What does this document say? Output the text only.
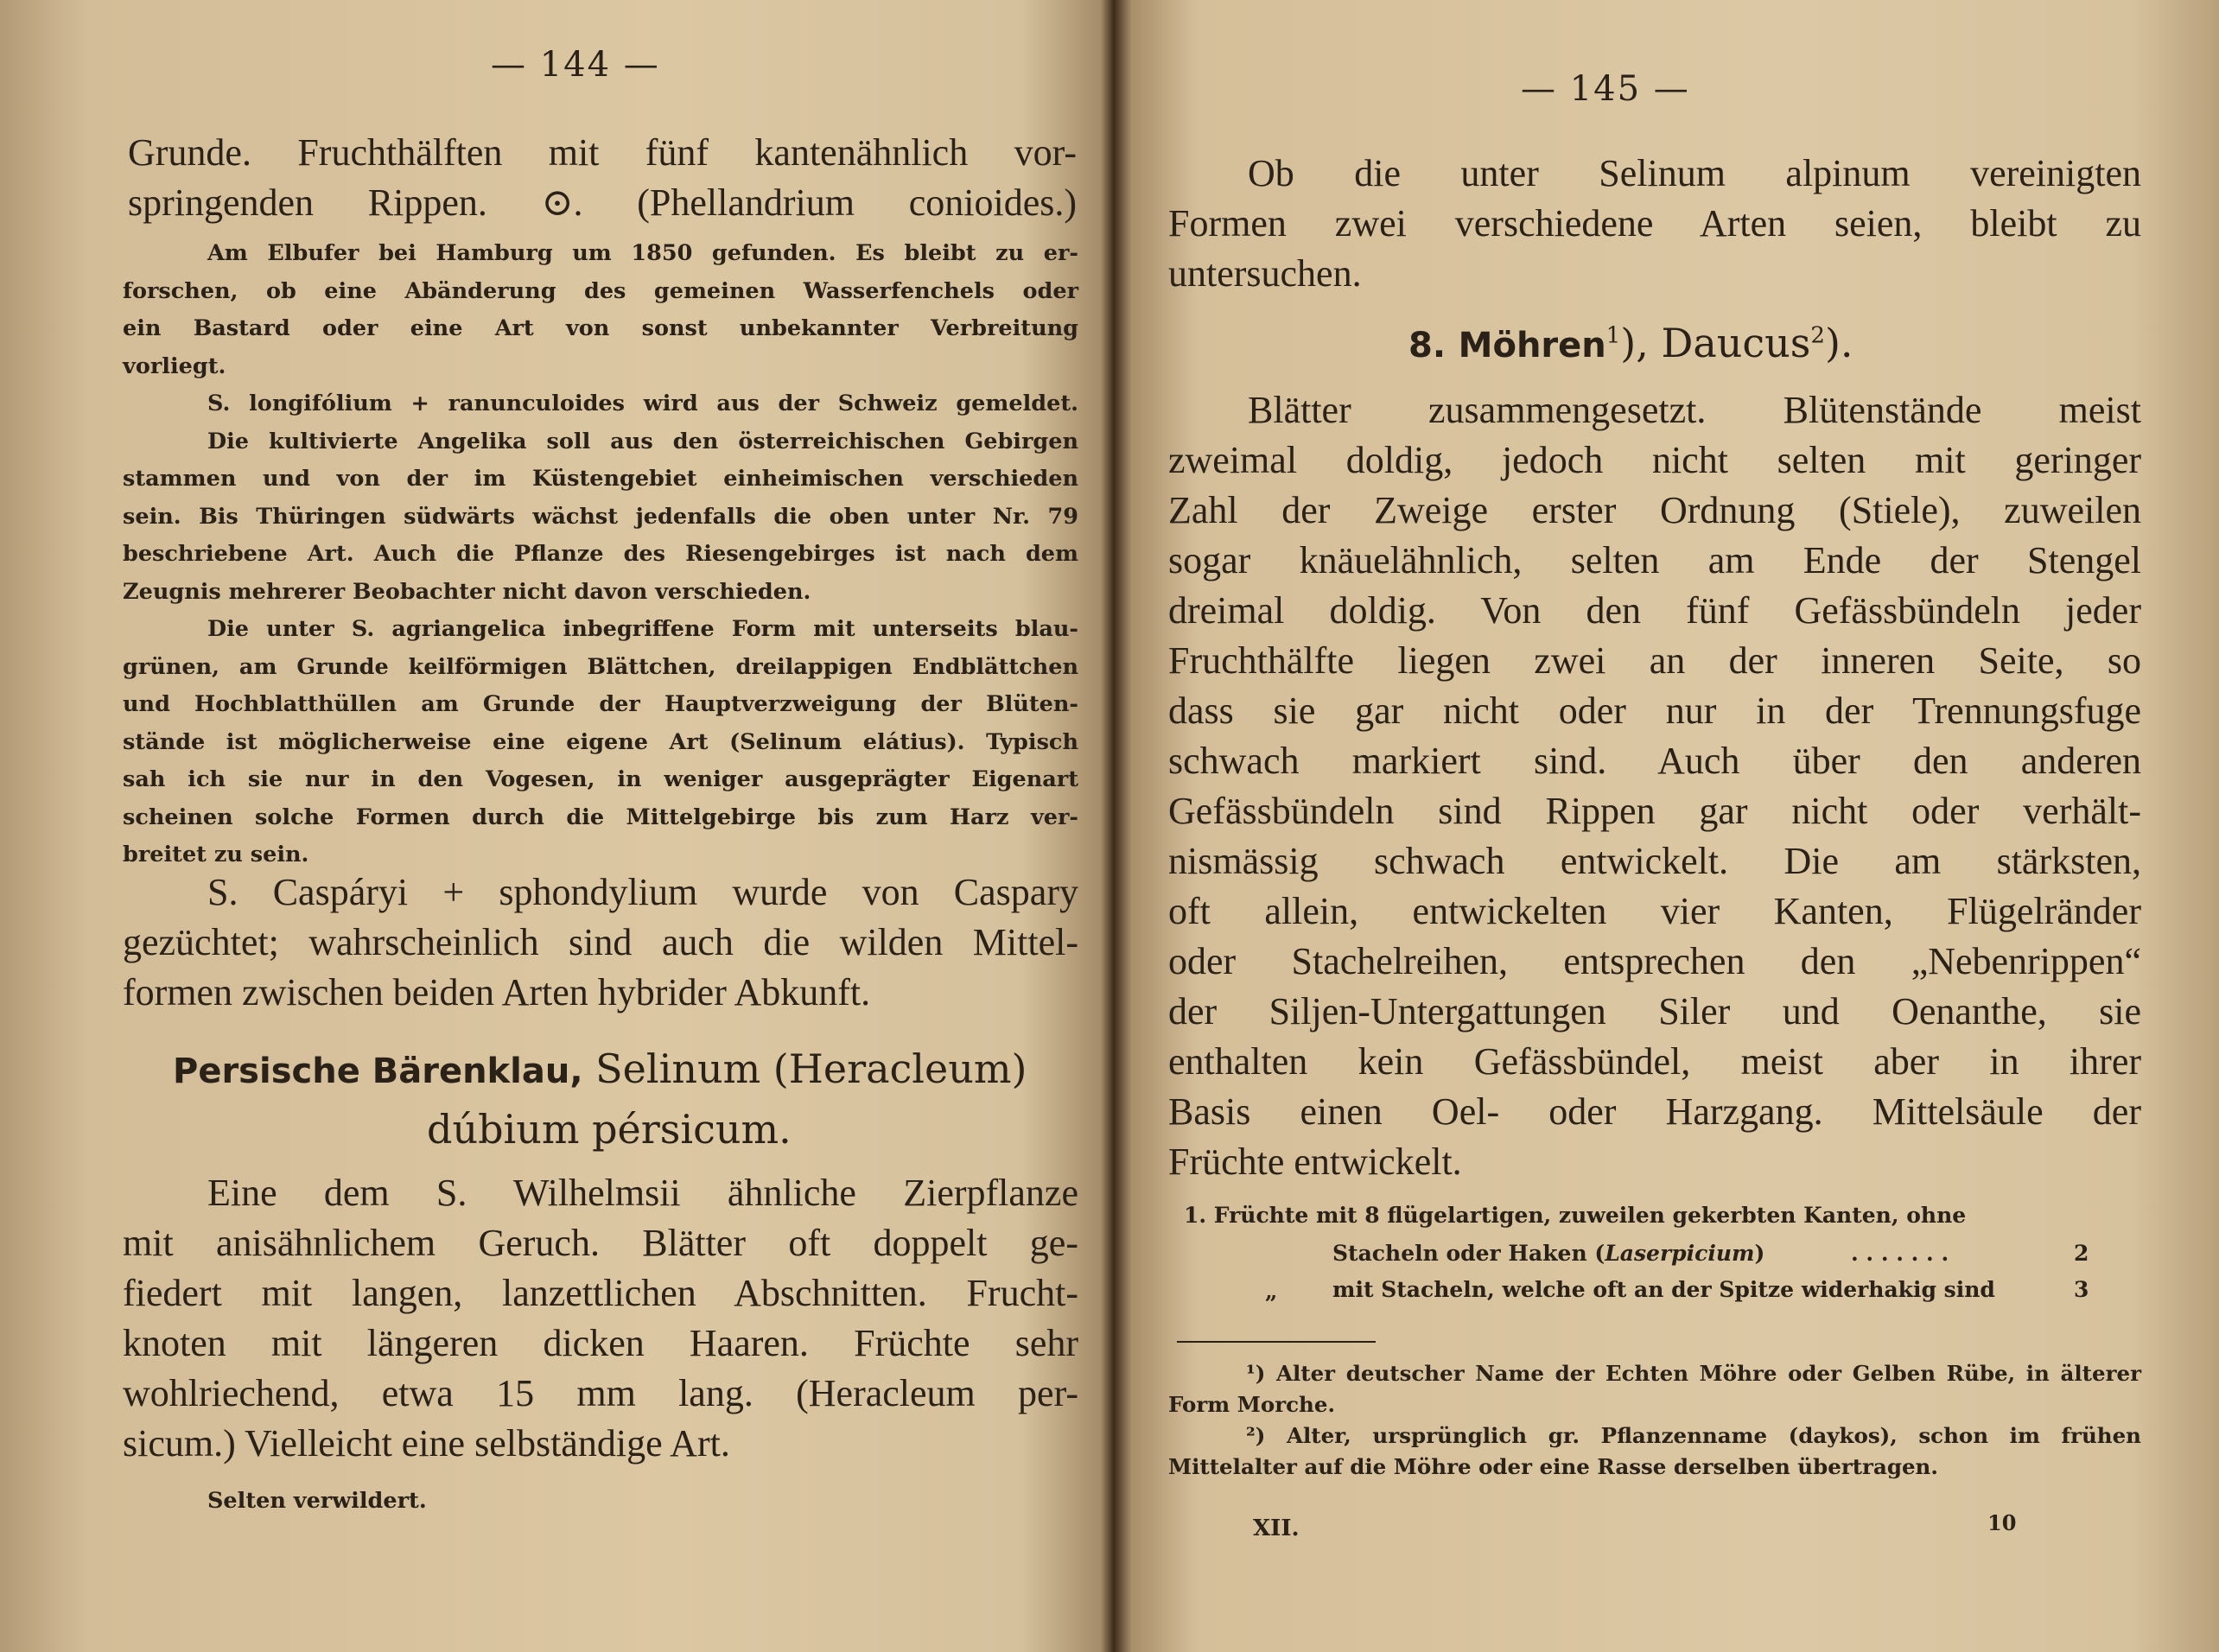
— 144 —
Grunde. Fruchthälften mit fünf kantenähnlich vor-
springenden Rippen. ⊙. (Phellandrium conioides.)
Am Elbufer bei Hamburg um 1850 gefunden. Es bleibt zu er-
forschen, ob eine Abänderung des gemeinen Wasserfenchels oder
ein Bastard oder eine Art von sonst unbekannter Verbreitung
vorliegt.
S. longifólium + ranunculoides wird aus der Schweiz gemeldet.
Die kultivierte Angelika soll aus den österreichischen Gebirgen
stammen und von der im Küstengebiet einheimischen verschieden
sein. Bis Thüringen südwärts wächst jedenfalls die oben unter Nr. 79
beschriebene Art. Auch die Pflanze des Riesengebirges ist nach dem
Zeugnis mehrerer Beobachter nicht davon verschieden.
Die unter S. agriangelica inbegriffene Form mit unterseits blau-
grünen, am Grunde keilförmigen Blättchen, dreilappigen Endblättchen
und Hochblatthüllen am Grunde der Hauptverzweigung der Blüten-
stände ist möglicherweise eine eigene Art (Selinum elátius). Typisch
sah ich sie nur in den Vogesen, in weniger ausgeprägter Eigenart
scheinen solche Formen durch die Mittelgebirge bis zum Harz ver-
breitet zu sein.
S. Caspáryi + sphondylium wurde von Caspary
gezüchtet; wahrscheinlich sind auch die wilden Mittel-
formen zwischen beiden Arten hybrider Abkunft.
Persische Bärenklau, Selinum (Heracleum)
dúbium pérsicum.
Eine dem S. Wilhelmsii ähnliche Zierpflanze
mit anisähnlichem Geruch. Blätter oft doppelt ge-
fiedert mit langen, lanzettlichen Abschnitten. Frucht-
knoten mit längeren dicken Haaren. Früchte sehr
wohlriechend, etwa 15 mm lang. (Heracleum per-
sicum.) Vielleicht eine selbständige Art.
Selten verwildert.
— 145 —
Ob die unter Selinum alpinum vereinigten
Formen zwei verschiedene Arten seien, bleibt zu
untersuchen.
8. Möhren$^1$), Daucus$^2$).
Blätter zusammengesetzt. Blütenstände meist
zweimal doldig, jedoch nicht selten mit geringer
Zahl der Zweige erster Ordnung (Stiele), zuweilen
sogar knäuelähnlich, selten am Ende der Stengel
dreimal doldig. Von den fünf Gefässbündeln jeder
Fruchthälfte liegen zwei an der inneren Seite, so
dass sie gar nicht oder nur in der Trennungsfuge
schwach markiert sind. Auch über den anderen
Gefässbündeln sind Rippen gar nicht oder verhält-
nismässig schwach entwickelt. Die am stärksten,
oft allein, entwickelten vier Kanten, Flügelränder
oder Stachelreihen, entsprechen den „Nebenrippen“
der Siljen-Untergattungen Siler und Oenanthe, sie
enthalten kein Gefässbündel, meist aber in ihrer
Basis einen Oel- oder Harzgang. Mittelsäule der
Früchte entwickelt.
1. Früchte mit 8 flügelartigen, zuweilen gekerbten Kanten, ohne
Stacheln oder Haken (Laserpicium)	. . . . . . .	2
„	mit Stacheln, welche oft an der Spitze widerhakig sind	3
¹) Alter deutscher Name der Echten Möhre oder Gelben Rübe, in älterer Form Morche.
²) Alter, ursprünglich gr. Pflanzenname (daykos), schon im frühen Mittelalter auf die Möhre oder eine Rasse derselben übertragen.
XII.	10
